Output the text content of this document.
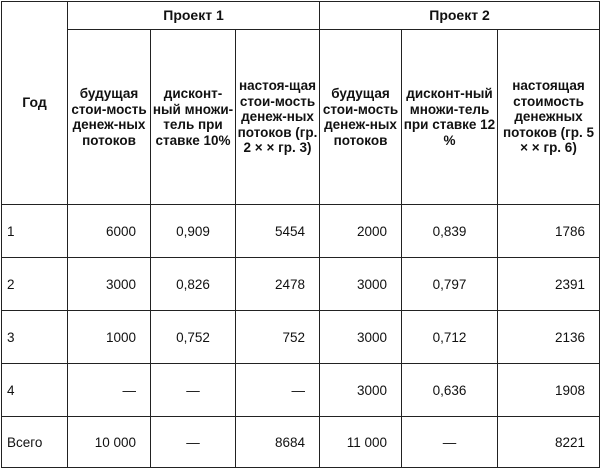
Год	Проект 1			Проект 2		
	будущая стои-мость денеж-ных потоков	дисконт-ный множи-тель при ставке 10%	настоя-щая стои-мость денеж-ных потоков (гр. 2 × × гр. 3)	будущая стои-мость денеж-ных потоков	дисконт-ный множи-тель при ставке 12 %	настоящая стоимость денежных потоков (гр. 5 × × гр. 6)
1	6000	0,909	5454	2000	0,839	1786
2	3000	0,826	2478	3000	0,797	2391
3	1000	0,752	752	3000	0,712	2136
4	—	—	—	3000	0,636	1908
Всего	10 000	—	8684	11 000	—	8221
